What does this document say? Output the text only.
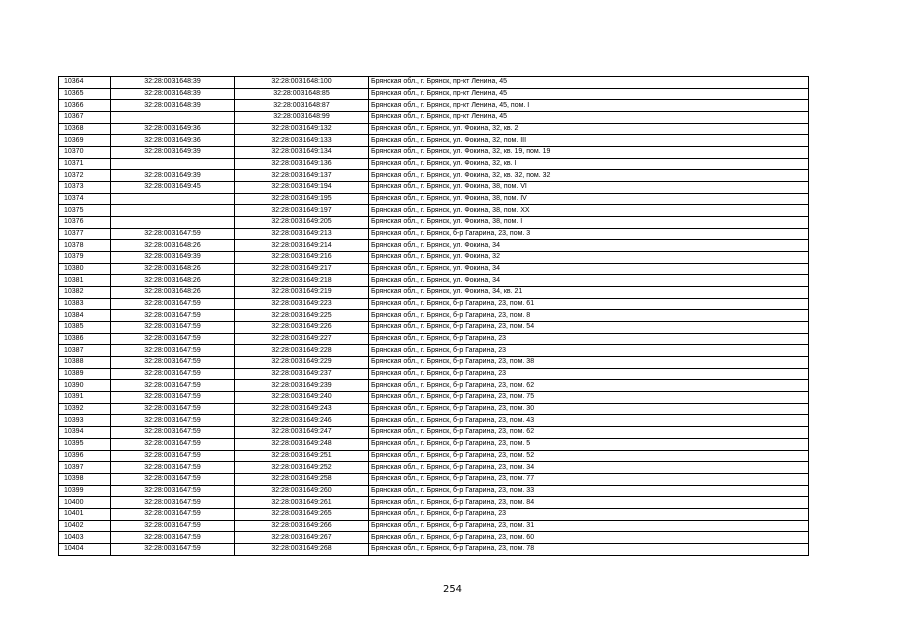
10364	32:28:0031648:39	32:28:0031648:100	Брянская обл., г. Брянск, пр-кт Ленина, 45
10365	32:28:0031648:39	32:28:0031648:85	Брянская обл., г. Брянск, пр-кт Ленина, 45
10366	32:28:0031648:39	32:28:0031648:87	Брянская обл., г. Брянск, пр-кт Ленина, 45, пом. I
10367		32:28:0031648:99	Брянская обл., г. Брянск, пр-кт Ленина, 45
10368	32:28:0031649:36	32:28:0031649:132	Брянская обл., г. Брянск, ул. Фокина, 32, кв. 2
10369	32:28:0031649:36	32:28:0031649:133	Брянская обл., г. Брянск, ул. Фокина, 32, пом. III
10370	32:28:0031649:39	32:28:0031649:134	Брянская обл., г. Брянск, ул. Фокина, 32, кв. 19, пом. 19
10371		32:28:0031649:136	Брянская обл., г. Брянск, ул. Фокина, 32, кв. I
10372	32:28:0031649:39	32:28:0031649:137	Брянская обл., г. Брянск, ул. Фокина, 32, кв. 32, пом. 32
10373	32:28:0031649:45	32:28:0031649:194	Брянская обл., г. Брянск, ул. Фокина, 38, пом. VI
10374		32:28:0031649:195	Брянская обл., г. Брянск, ул. Фокина, 38, пом. IV
10375		32:28:0031649:197	Брянская обл., г. Брянск, ул. Фокина, 38, пом. XX
10376		32:28:0031649:205	Брянская обл., г. Брянск, ул. Фокина, 38, пом. I
10377	32:28:0031647:59	32:28:0031649:213	Брянская обл., г. Брянск, б-р Гагарина, 23, пом. 3
10378	32:28:0031648:26	32:28:0031649:214	Брянская обл., г. Брянск, ул. Фокина, 34
10379	32:28:0031649:39	32:28:0031649:216	Брянская обл., г. Брянск, ул. Фокина, 32
10380	32:28:0031648:26	32:28:0031649:217	Брянская обл., г. Брянск, ул. Фокина, 34
10381	32:28:0031648:26	32:28:0031649:218	Брянская обл., г. Брянск, ул. Фокина, 34
10382	32:28:0031648:26	32:28:0031649:219	Брянская обл., г. Брянск, ул. Фокина, 34, кв. 21
10383	32:28:0031647:59	32:28:0031649:223	Брянская обл., г. Брянск, б-р Гагарина, 23, пом. 61
10384	32:28:0031647:59	32:28:0031649:225	Брянская обл., г. Брянск, б-р Гагарина, 23, пом. 8
10385	32:28:0031647:59	32:28:0031649:226	Брянская обл., г. Брянск, б-р Гагарина, 23, пом. 54
10386	32:28:0031647:59	32:28:0031649:227	Брянская обл., г. Брянск, б-р Гагарина, 23
10387	32:28:0031647:59	32:28:0031649:228	Брянская обл., г. Брянск, б-р Гагарина, 23
10388	32:28:0031647:59	32:28:0031649:229	Брянская обл., г. Брянск, б-р Гагарина, 23, пом. 38
10389	32:28:0031647:59	32:28:0031649:237	Брянская обл., г. Брянск, б-р Гагарина, 23
10390	32:28:0031647:59	32:28:0031649:239	Брянская обл., г. Брянск, б-р Гагарина, 23, пом. 62
10391	32:28:0031647:59	32:28:0031649:240	Брянская обл., г. Брянск, б-р Гагарина, 23, пом. 75
10392	32:28:0031647:59	32:28:0031649:243	Брянская обл., г. Брянск, б-р Гагарина, 23, пом. 30
10393	32:28:0031647:59	32:28:0031649:246	Брянская обл., г. Брянск, б-р Гагарина, 23, пом. 43
10394	32:28:0031647:59	32:28:0031649:247	Брянская обл., г. Брянск, б-р Гагарина, 23, пом. 62
10395	32:28:0031647:59	32:28:0031649:248	Брянская обл., г. Брянск, б-р Гагарина, 23, пом. 5
10396	32:28:0031647:59	32:28:0031649:251	Брянская обл., г. Брянск, б-р Гагарина, 23, пом. 52
10397	32:28:0031647:59	32:28:0031649:252	Брянская обл., г. Брянск, б-р Гагарина, 23, пом. 34
10398	32:28:0031647:59	32:28:0031649:258	Брянская обл., г. Брянск, б-р Гагарина, 23, пом. 77
10399	32:28:0031647:59	32:28:0031649:260	Брянская обл., г. Брянск, б-р Гагарина, 23, пом. 33
10400	32:28:0031647:59	32:28:0031649:261	Брянская обл., г. Брянск, б-р Гагарина, 23, пом. 84
10401	32:28:0031647:59	32:28:0031649:265	Брянская обл., г. Брянск, б-р Гагарина, 23
10402	32:28:0031647:59	32:28:0031649:266	Брянская обл., г. Брянск, б-р Гагарина, 23, пом. 31
10403	32:28:0031647:59	32:28:0031649:267	Брянская обл., г. Брянск, б-р Гагарина, 23, пом. 60
10404	32:28:0031647:59	32:28:0031649:268	Брянская обл., г. Брянск, б-р Гагарина, 23, пом. 78
254
